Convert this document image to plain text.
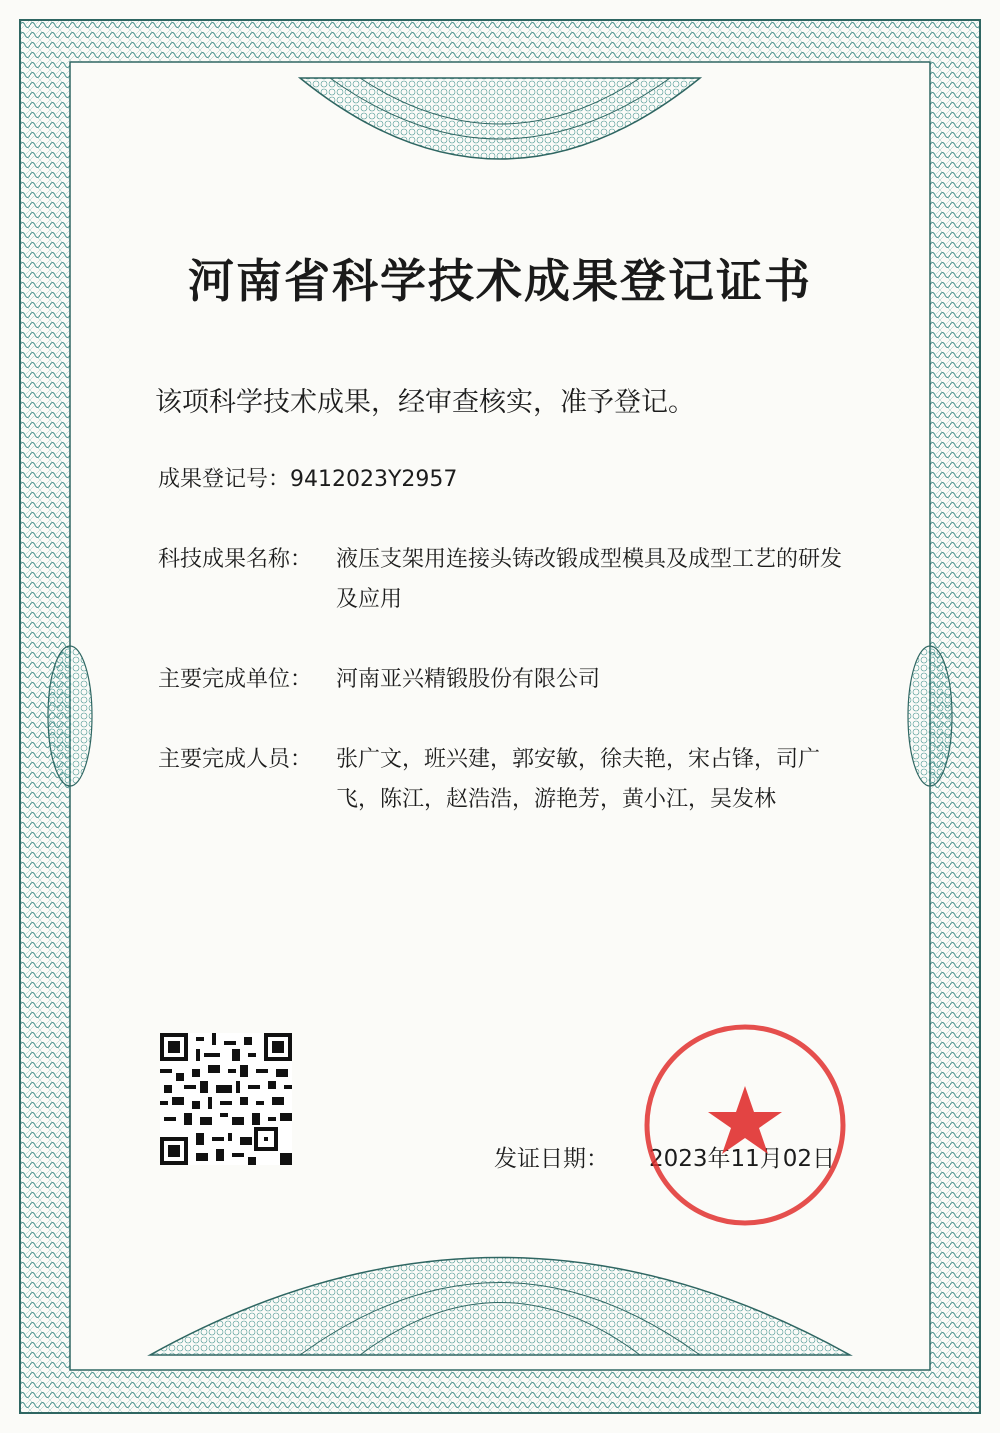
河南省科学技术成果登记证书
该项科学技术成果，经审查核实，准予登记。
成果登记号： 9412023Y2957
科技成果名称：	液压支架用连接头铸改锻成型模具及成型工艺的研发及应用
主要完成单位：	河南亚兴精锻股份有限公司
主要完成人员：	张广文，班兴建，郭安敏，徐夫艳，宋占锋，司广飞，陈江，赵浩浩，游艳芳，黄小江，吴发林
发证日期： 2023年11月02日
